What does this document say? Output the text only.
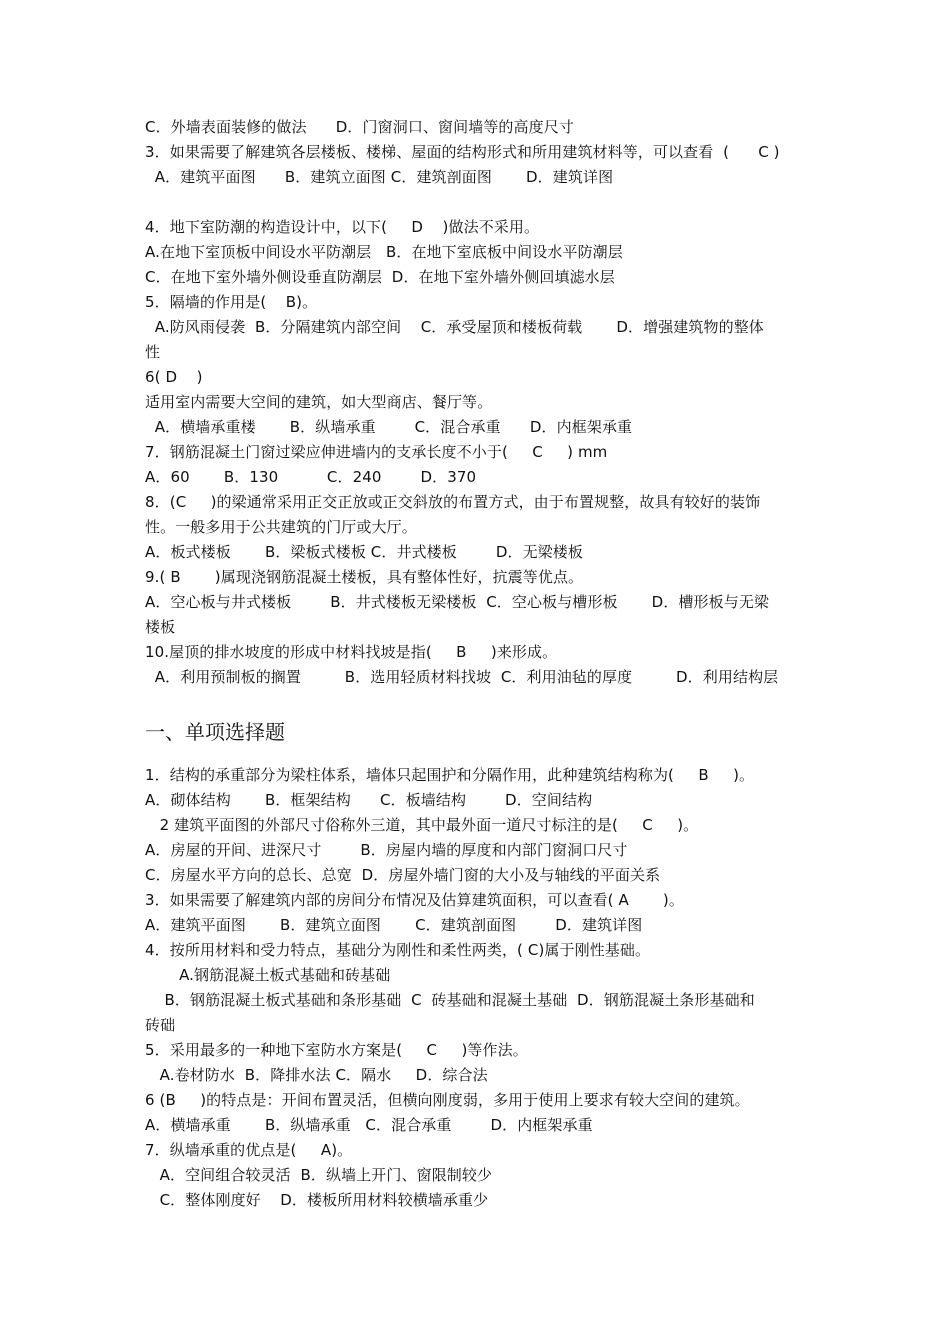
C．外墙表面装修的做法      D．门窗洞口、窗间墙等的高度尺寸
3．如果需要了解建筑各层楼板、楼梯、屋面的结构形式和所用建筑材料等，可以查看  (      C )
A．建筑平面图      B．建筑立面图 C．建筑剖面图       D．建筑详图
4．地下室防潮的构造设计中，以下(     D    )做法不采用。
A.在地下室顶板中间设水平防潮层   B．在地下室底板中间设水平防潮层
C．在地下室外墙外侧设垂直防潮层  D．在地下室外墙外侧回填滤水层
5．隔墙的作用是(    B)。
A.防风雨侵袭  B．分隔建筑内部空间    C．承受屋顶和楼板荷载       D．增强建筑物的整体
性
6( D    )
适用室内需要大空间的建筑，如大型商店、餐厅等。
A．横墙承重楼       B．纵墙承重        C．混合承重      D．内框架承重
7．钢筋混凝土门窗过梁应伸进墙内的支承长度不小于(     C     ) mm
A．60       B．130          C．240        D．370
8．(C     )的梁通常采用正交正放或正交斜放的布置方式，由于布置规整，故具有较好的装饰
性。一般多用于公共建筑的门厅或大厅。
A．板式楼板       B．梁板式楼板 C．井式楼板        D．无梁楼板
9.( B       )属现浇钢筋混凝土楼板，具有整体性好，抗震等优点。
A．空心板与井式楼板        B．井式楼板无梁楼板  C．空心板与槽形板       D．槽形板与无梁
楼板
10.屋顶的排水坡度的形成中材料找坡是指(     B     )来形成。
A．利用预制板的搁置         B．选用轻质材料找坡  C．利用油毡的厚度         D．利用结构层
一、单项选择题
1．结构的承重部分为梁柱体系，墙体只起围护和分隔作用，此种建筑结构称为(     B     )。
A．砌体结构       B．框架结构      C．板墙结构        D．空间结构
2 建筑平面图的外部尺寸俗称外三道，其中最外面一道尺寸标注的是(     C     )。
A．房屋的开间、进深尺寸        B．房屋内墙的厚度和内部门窗洞口尺寸
C．房屋水平方向的总长、总宽  D．房屋外墙门窗的大小及与轴线的平面关系
3．如果需要了解建筑内部的房间分布情况及估算建筑面积，可以查看( A       )。
A．建筑平面图       B．建筑立面图       C．建筑剖面图        D．建筑详图
4．按所用材料和受力特点，基础分为刚性和柔性两类，( C)属于刚性基础。
A.钢筋混凝土板式基础和砖基础
B．钢筋混凝土板式基础和条形基础  C  砖基础和混凝土基础  D．钢筋混凝土条形基础和
砖础
5．采用最多的一种地下室防水方案是(     C     )等作法。
A.卷材防水  B．降排水法 C．隔水     D．综合法
6 (B     )的特点是：开间布置灵活，但横向刚度弱，多用于使用上要求有较大空间的建筑。
A．横墙承重       B．纵墙承重   C．混合承重        D．内框架承重
7．纵墙承重的优点是(     A)。
A．空间组合较灵活  B．纵墙上开门、窗限制较少
C．整体刚度好    D．楼板所用材料较横墙承重少
